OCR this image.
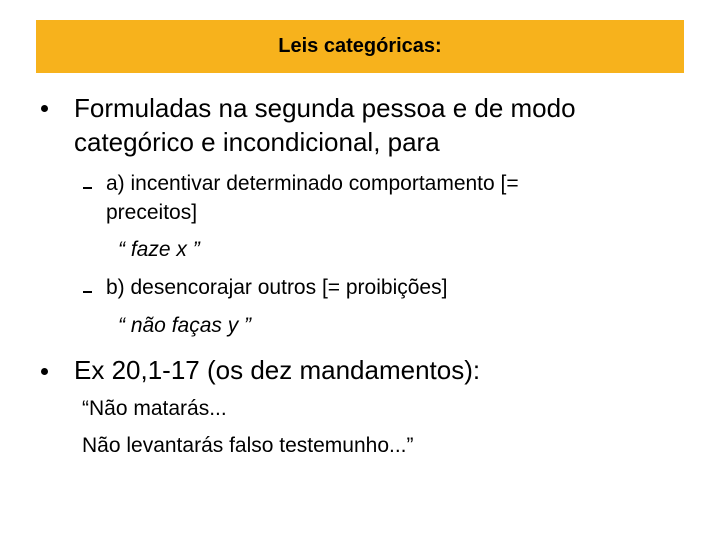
Leis categóricas:
Formuladas na segunda pessoa e de modo
categórico e incondicional, para
a) incentivar determinado comportamento [=
preceitos]
“ faze x ”
b) desencorajar outros [= proibições]
“ não faças y ”
Ex 20,1-17 (os dez mandamentos):
“Não matarás...
Não levantarás falso testemunho...”
